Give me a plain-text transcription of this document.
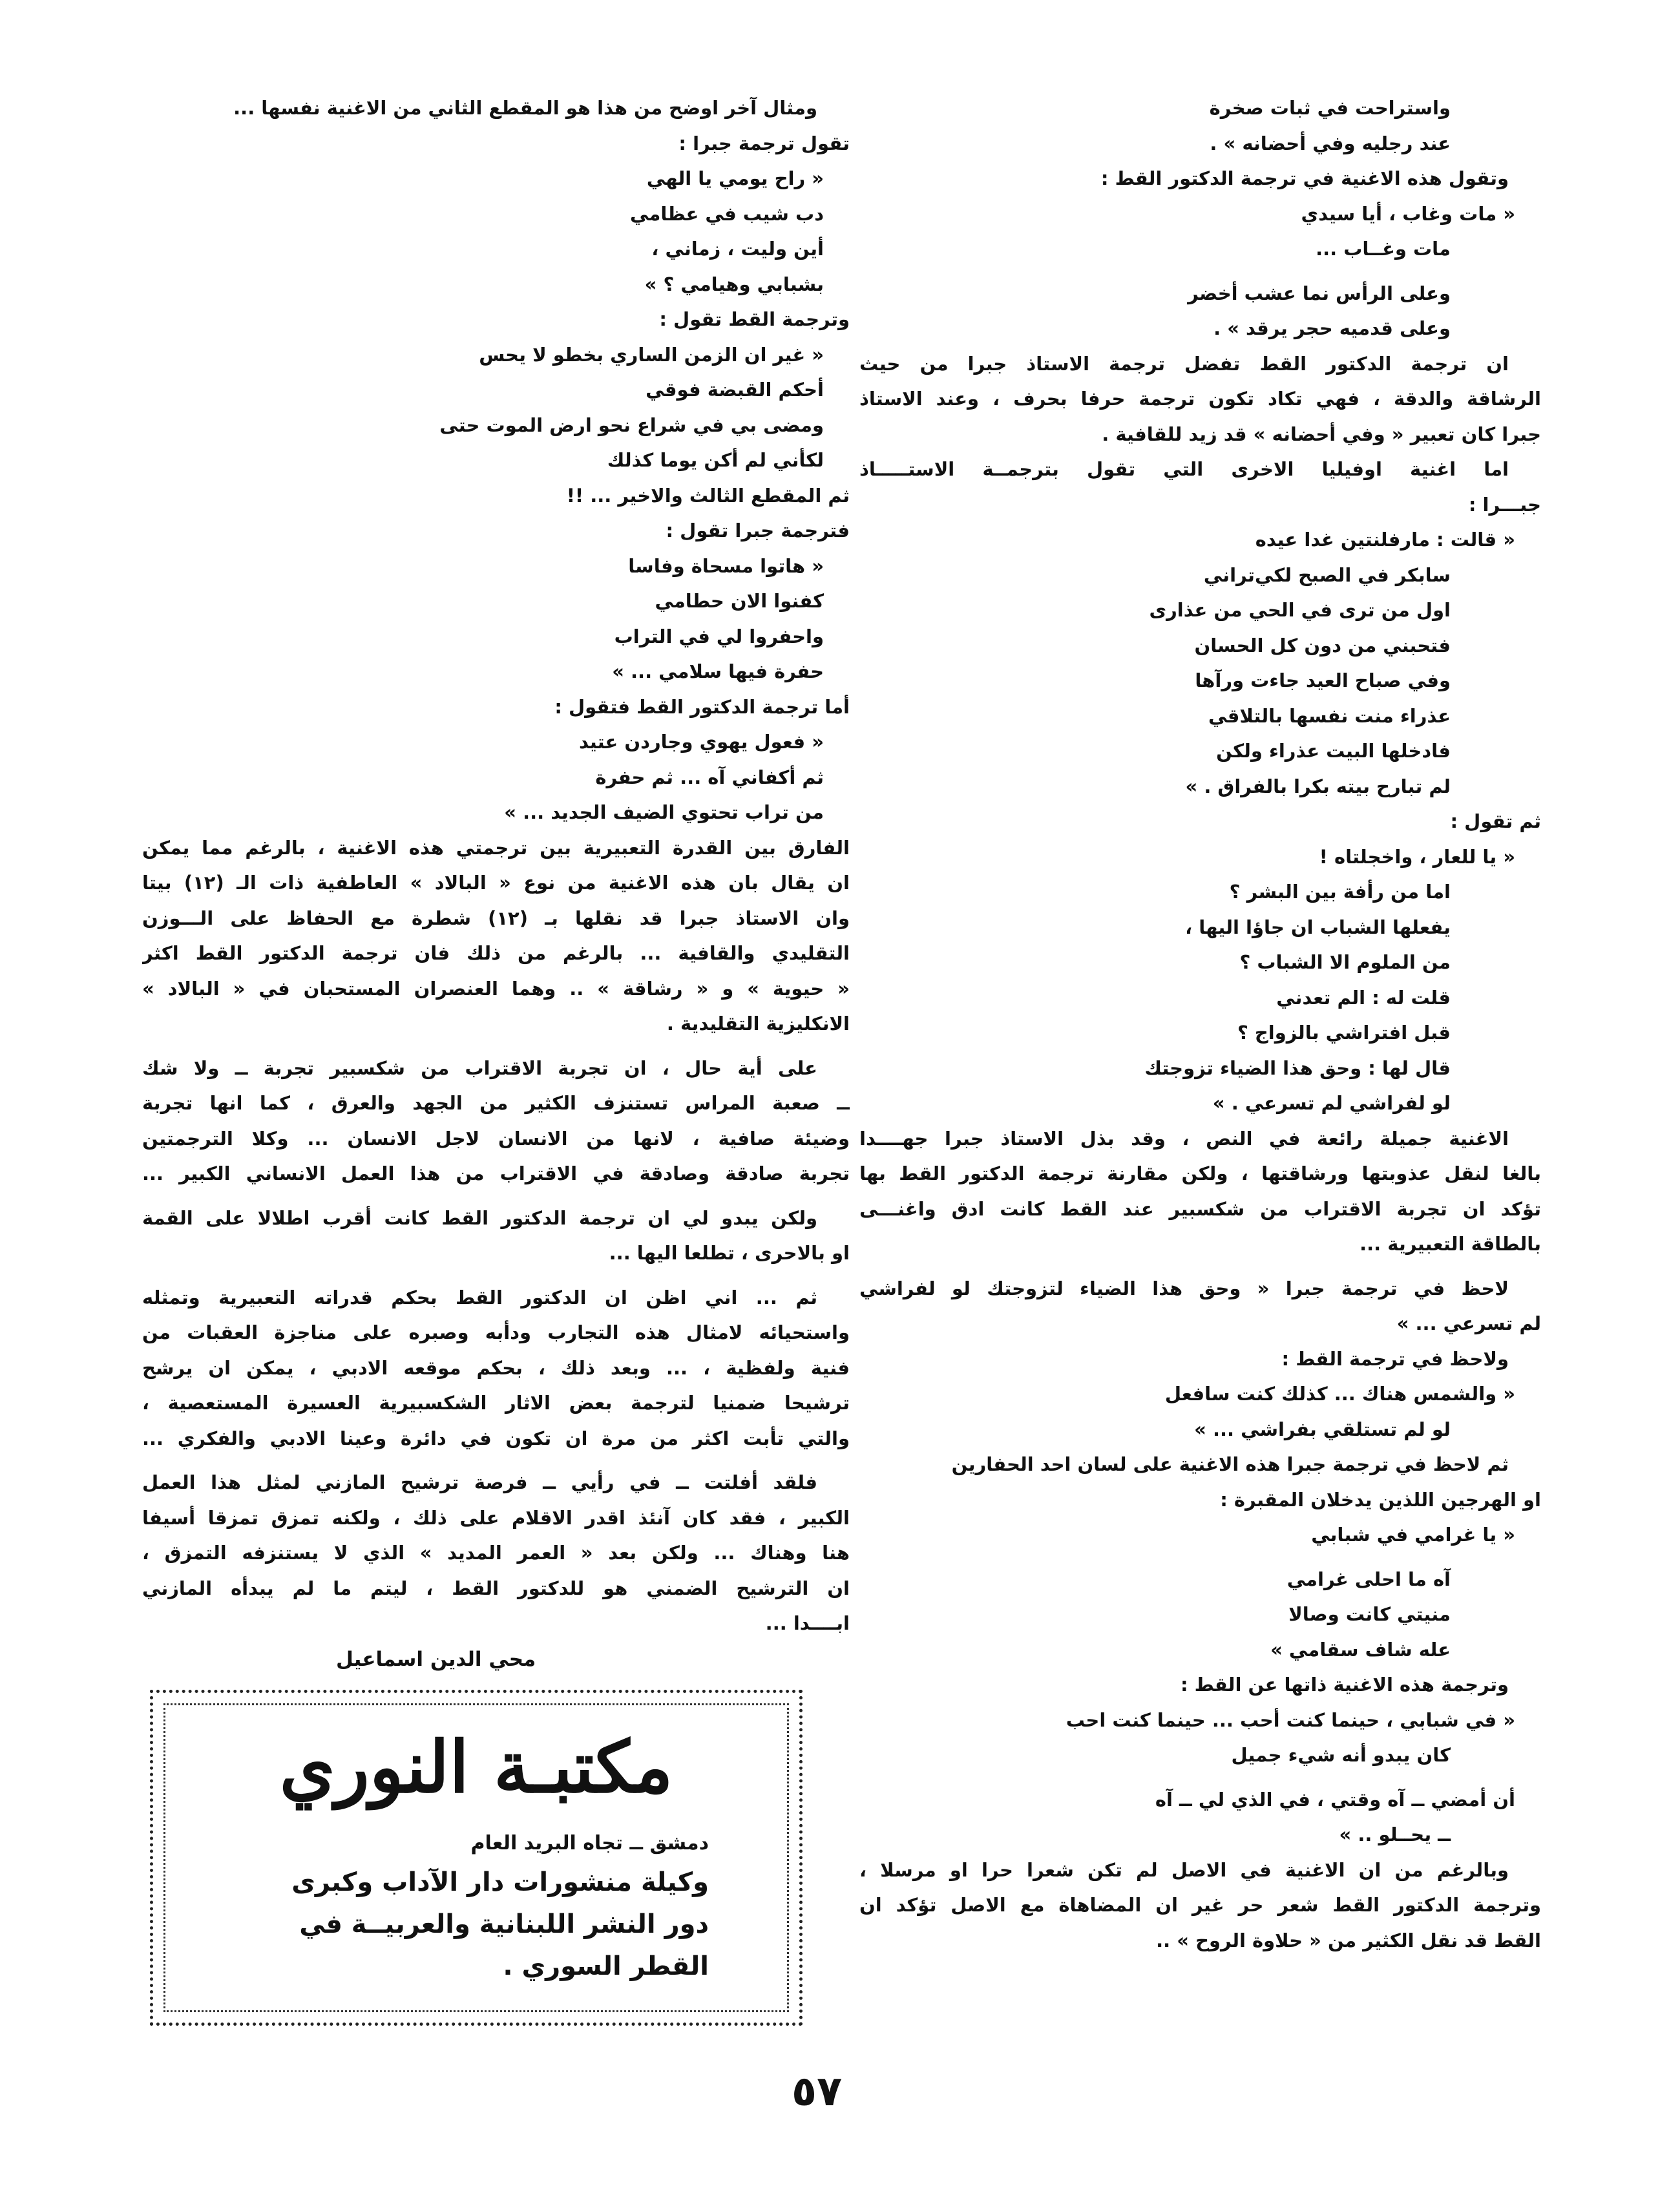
واستراحت في ثبات صخرة
عند رجليه وفي أحضانه » .
وتقول هذه الاغنية في ترجمة الدكتور القط :
« مات وغاب ، أيا سيدي
مات وغــاب ...
وعلى الرأس نما عشب أخضر
وعلى قدميه حجر يرقد » .
ان ترجمة الدكتور القط تفضل ترجمة الاستاذ جبرا من حيث
الرشاقة والدقة ، فهي تكاد تكون ترجمة حرفا بحرف ، وعند الاستاذ
جبرا كان تعبير « وفي أحضانه » قد زيد للقافية .
اما اغنية اوفيليا الاخرى التي تقول بترجمــة الاستـــــاذ
جبـــرا :
« قالت : مارفلنتين غدا عيده
سابكر في الصبح لكي‌تراني
اول من ترى في الحي من عذارى
فتحبني من دون كل الحسان
وفي صباح العيد جاءت ورآها
عذراء منت نفسها بالتلاقي
فادخلها البيت عذراء ولكن
لم تبارح بيته بكرا بالفراق . »
ثم تقول :
« يا للعار ، واخجلتاه !
اما من رأفة بين البشر ؟
يفعلها الشباب ان جاؤا اليها ،
من الملوم الا الشباب ؟
قلت له : الم تعدني
قبل افتراشي بالزواج ؟
قال لها : وحق هذا الضياء تزوجتك
لو لفراشي لم تسرعي . »
الاغنية جميلة رائعة في النص ، وقد بذل الاستاذ جبرا جهــــدا
بالغا لنقل عذوبتها ورشاقتها ، ولكن مقارنة ترجمة الدكتور القط بها
تؤكد ان تجربة الاقتراب من شكسبير عند القط كانت ادق واغنـــى
بالطاقة التعبيرية ...
لاحظ في ترجمة جبرا « وحق هذا الضياء لتزوجتك لو لفراشي
لم تسرعي ... »
ولاحظ في ترجمة القط :
« والشمس هناك ... كذلك كنت سافعل
لو لم تستلقي بفراشي ... »
ثم لاحظ في ترجمة جبرا هذه الاغنية على لسان احد الحفارين
او الهرجين اللذين يدخلان المقبرة :
« يا غرامي في شبابي
آه ما احلى غرامي
منيتي كانت وصالا
عله شاف سقامي »
وترجمة هذه الاغنية ذاتها عن القط :
« في شبابي ، حينما كنت أحب ... حينما كنت احب
كان يبدو أنه شيء جميل
أن أمضي ــ آه وقتي ، في الذي لي ــ آه
ــ يحــلو .. »
وبالرغم من ان الاغنية في الاصل لم تكن شعرا حرا او مرسلا ،
وترجمة الدكتور القط شعر حر غير ان المضاهاة مع الاصل تؤكد ان
القط قد نقل الكثير من « حلاوة الروح » ..
ومثال آخر اوضح من هذا هو المقطع الثاني من الاغنية نفسها ...
تقول ترجمة جبرا :
« راح يومي يا الهي
دب شيب في عظامي
أين وليت ، زماني ،
بشبابي وهيامي ؟ »
وترجمة القط تقول :
« غير ان الزمن الساري بخطو لا يحس
أحكم القبضة فوقي
ومضى بي في شراع نحو ارض الموت حتى
لكأني لم أكن يوما كذلك
ثم المقطع الثالث والاخير ... !!
فترجمة جبرا تقول :
« هاتوا مسحاة وفاسا
كفنوا الان حطامي
واحفروا لي في التراب
حفرة فيها سلامي ... »
أما ترجمة الدكتور القط فتقول :
« فعول يهوي وجاردن عتيد
ثم أكفاني آه ... ثم حفرة
من تراب تحتوي الضيف الجديد ... »
الفارق بين القدرة التعبيرية بين ترجمتي هذه الاغنية ، بالرغم مما يمكن
ان يقال بان هذه الاغنية من نوع « البالاد » العاطفية ذات الـ (١٢) بيتا
وان الاستاذ جبرا قد نقلها بـ (١٢) شطرة مع الحفاظ على الـــوزن
التقليدي والقافية ... بالرغم من ذلك فان ترجمة الدكتور القط اكثر
« حيوية » و « رشاقة » .. وهما العنصران المستحبان في « البالاد »
الانكليزية التقليدية .
على أية حال ، ان تجربة الاقتراب من شكسبير تجربة ــ ولا شك
ــ صعبة المراس تستنزف الكثير من الجهد والعرق ، كما انها تجربة
وضيئة صافية ، لانها من الانسان لاجل الانسان ... وكلا الترجمتين
تجربة صادقة وصادقة في الاقتراب من هذا العمل الانساني الكبير ...
ولكن يبدو لي ان ترجمة الدكتور القط كانت أقرب اطلالا على القمة
او بالاحرى ، تطلعا اليها ...
ثم ... اني اظن ان الدكتور القط بحكم قدراته التعبيرية وتمثله
واستحيائه لامثال هذه التجارب ودأبه وصبره على مناجزة العقبات من
فنية ولفظية ، ... وبعد ذلك ، بحكم موقعه الادبي ، يمكن ان يرشح
ترشيحا ضمنيا لترجمة بعض الاثار الشكسبيرية العسيرة المستعصية ،
والتي تأبت اكثر من مرة ان تكون في دائرة وعينا الادبي والفكري ...
فلقد أفلتت ــ في رأيي ــ فرصة ترشيح المازني لمثل هذا العمل
الكبير ، فقد كان آنئذ اقدر الاقلام على ذلك ، ولكنه تمزق تمزقا أسيفا
هنا وهناك ... ولكن بعد « العمر المديد » الذي لا يستنزفه التمزق ،
ان الترشيح الضمني هو للدكتور القط ، ليتم ما لم يبدأه المازني
ابــــدا ...
محي الدين اسماعيل
مكتبـة النوري
دمشق ــ تجاه البريد العام
وكيلة منشورات دار الآداب وكبرى
دور النشر اللبنانية والعربيــة في
القطر السوري .
٥٧
